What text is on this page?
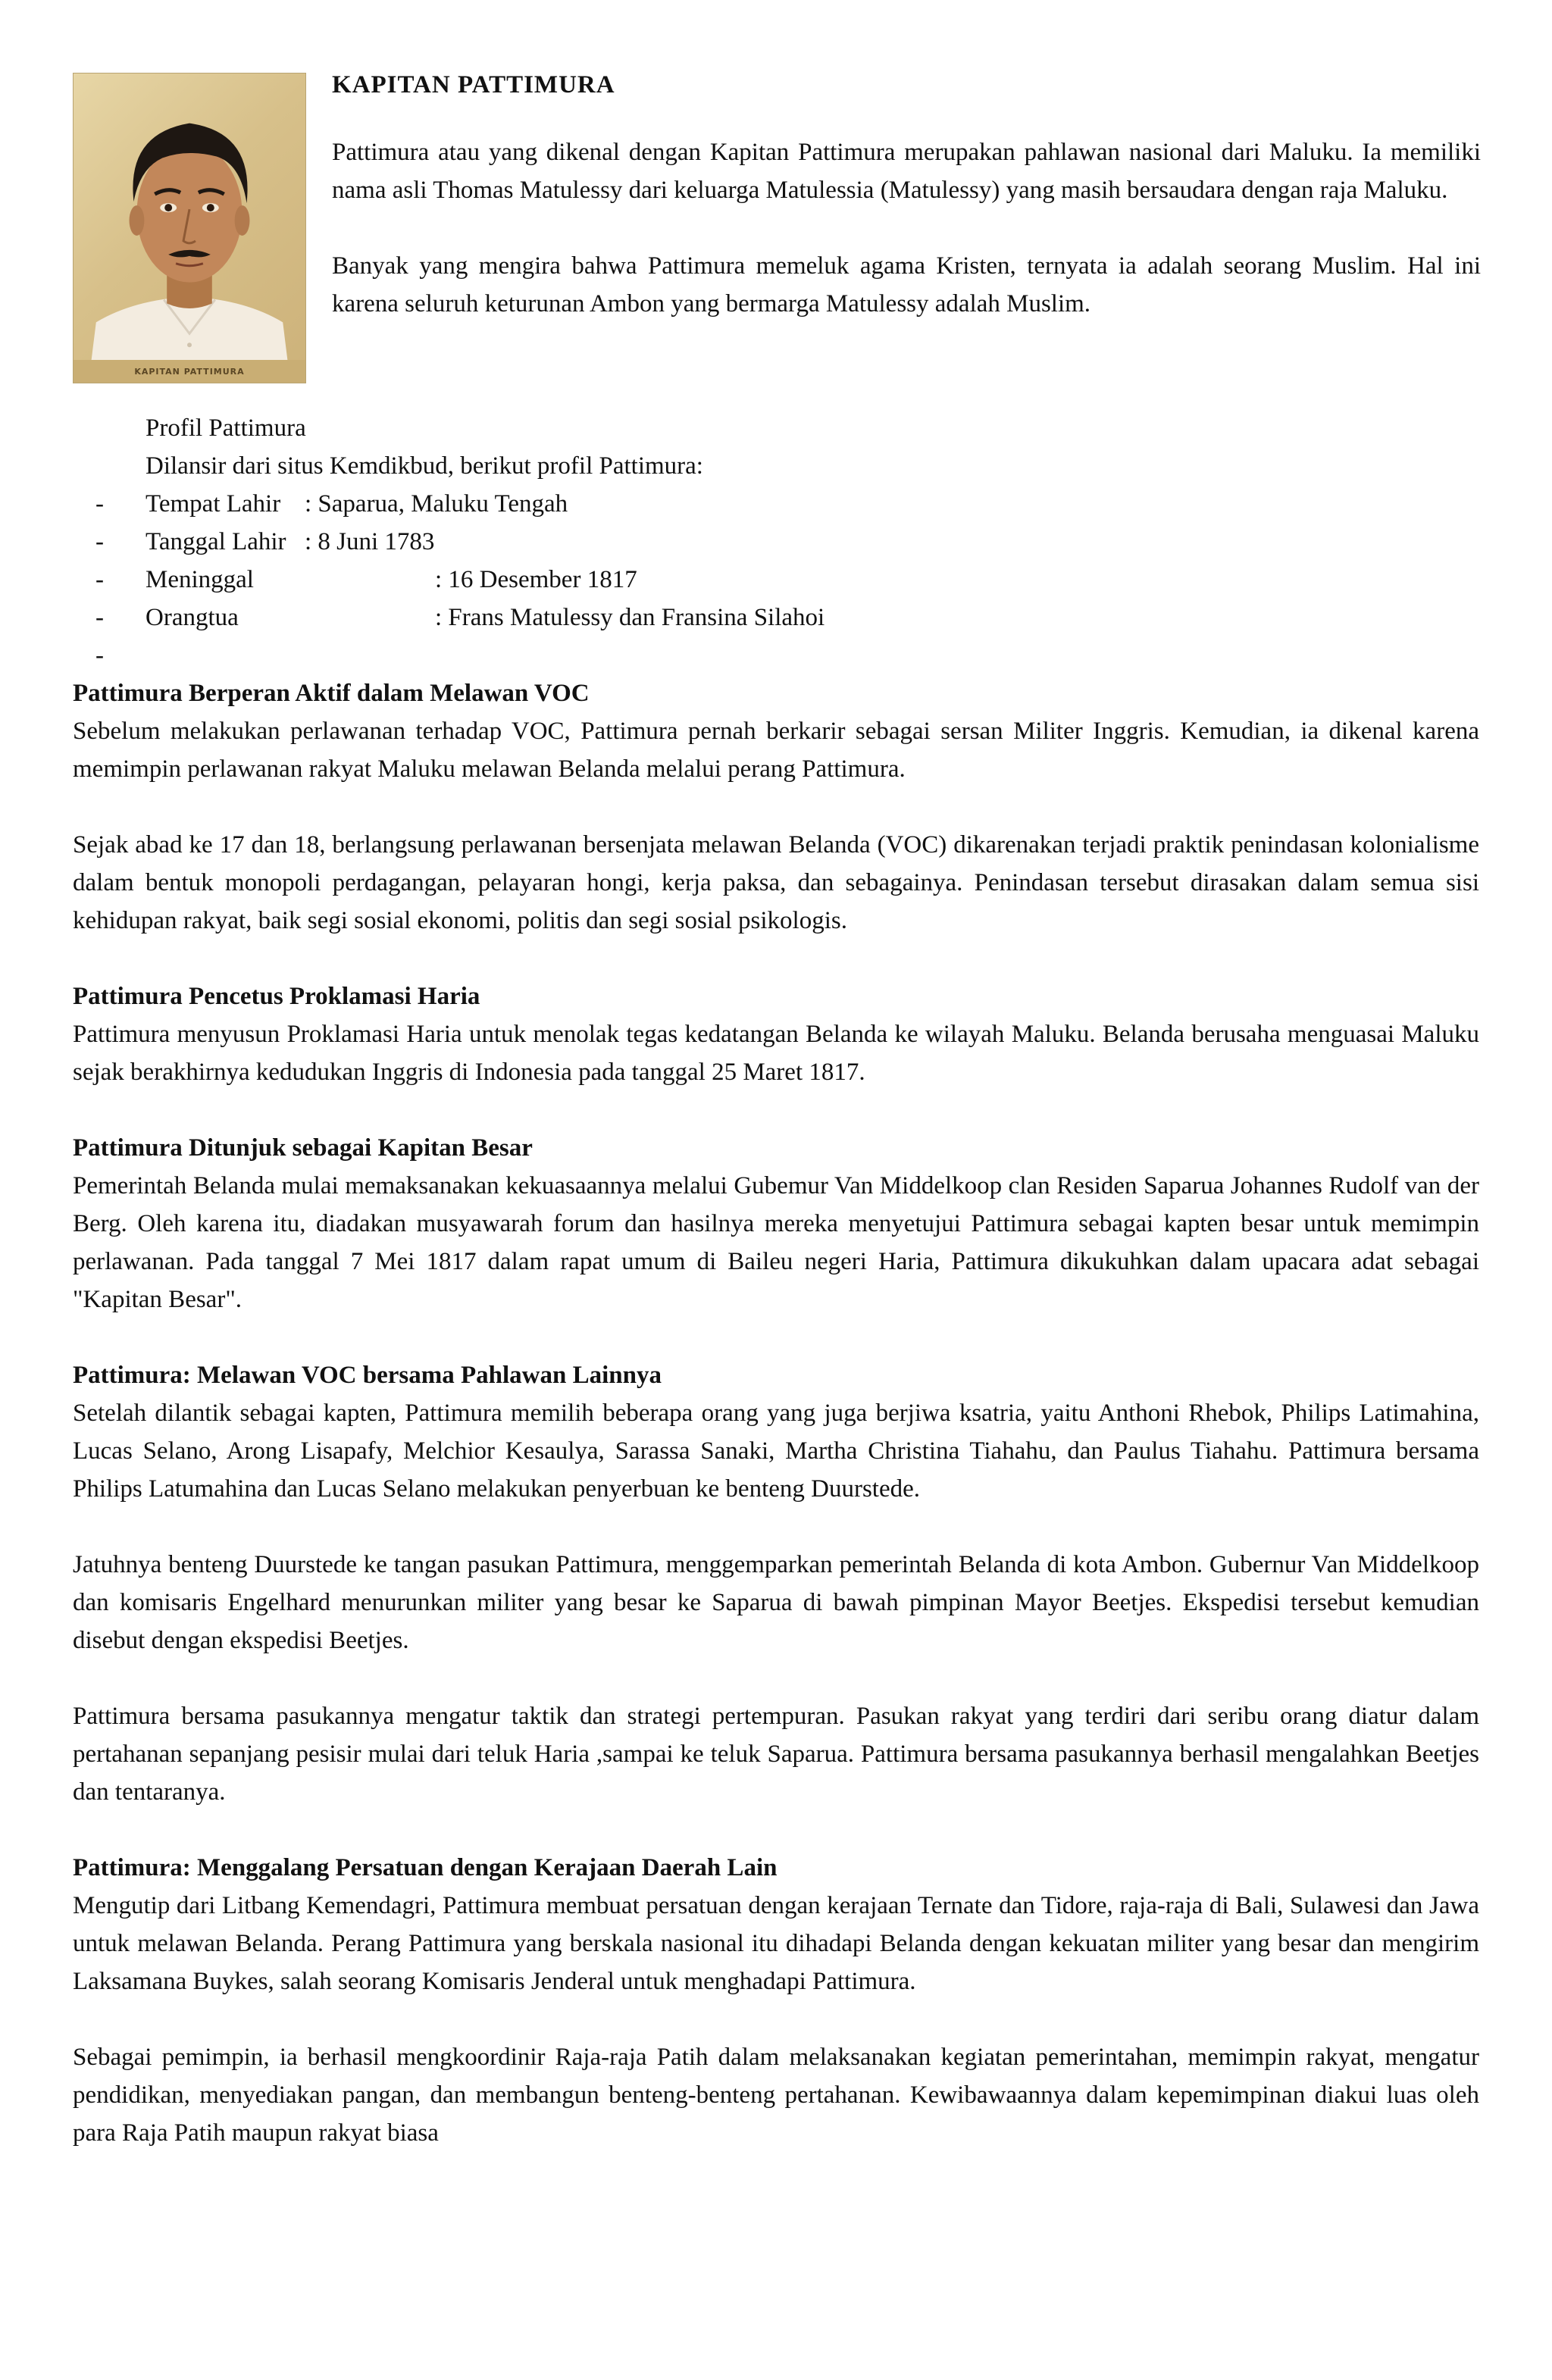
KAPITAN PATTIMURA
KAPITAN PATTIMURA

Pattimura atau yang dikenal dengan Kapitan Pattimura merupakan pahlawan nasional dari Maluku. Ia memiliki nama asli Thomas Matulessy dari keluarga Matulessia (Matulessy) yang masih bersaudara dengan raja Maluku.

Banyak yang mengira bahwa Pattimura memeluk agama Kristen, ternyata ia adalah seorang Muslim. Hal ini karena seluruh keturunan Ambon yang bermarga Matulessy adalah Muslim.

Profil Pattimura
Dilansir dari situs Kemdikbud, berikut profil Pattimura:
- Tempat Lahir : Saparua, Maluku Tengah
- Tanggal Lahir : 8 Juni 1783
- Meninggal	: 16 Desember 1817
- Orangtua	: Frans Matulessy dan Fransina Silahoi
-
Pattimura Berperan Aktif dalam Melawan VOC

Sebelum melakukan perlawanan terhadap VOC, Pattimura pernah berkarir sebagai sersan Militer Inggris. Kemudian, ia dikenal karena memimpin perlawanan rakyat Maluku melawan Belanda melalui perang Pattimura.

Sejak abad ke 17 dan 18, berlangsung perlawanan bersenjata melawan Belanda (VOC) dikarenakan terjadi praktik penindasan kolonialisme dalam bentuk monopoli perdagangan, pelayaran hongi, kerja paksa, dan sebagainya. Penindasan tersebut dirasakan dalam semua sisi kehidupan rakyat, baik segi sosial ekonomi, politis dan segi sosial psikologis.

Pattimura Pencetus Proklamasi Haria

Pattimura menyusun Proklamasi Haria untuk menolak tegas kedatangan Belanda ke wilayah Maluku. Belanda berusaha menguasai Maluku sejak berakhirnya kedudukan Inggris di Indonesia pada tanggal 25 Maret 1817.

Pattimura Ditunjuk sebagai Kapitan Besar

Pemerintah Belanda mulai memaksanakan kekuasaannya melalui Gubemur Van Middelkoop clan Residen Saparua Johannes Rudolf van der Berg. Oleh karena itu, diadakan musyawarah forum dan hasilnya mereka menyetujui Pattimura sebagai kapten besar untuk memimpin perlawanan. Pada tanggal 7 Mei 1817 dalam rapat umum di Baileu negeri Haria, Pattimura dikukuhkan dalam upacara adat sebagai "Kapitan Besar".

Pattimura: Melawan VOC bersama Pahlawan Lainnya

Setelah dilantik sebagai kapten, Pattimura memilih beberapa orang yang juga berjiwa ksatria, yaitu Anthoni Rhebok, Philips Latimahina, Lucas Selano, Arong Lisapafy, Melchior Kesaulya, Sarassa Sanaki, Martha Christina Tiahahu, dan Paulus Tiahahu. Pattimura bersama Philips Latumahina dan Lucas Selano melakukan penyerbuan ke benteng Duurstede.

Jatuhnya benteng Duurstede ke tangan pasukan Pattimura, menggemparkan pemerintah Belanda di kota Ambon. Gubernur Van Middelkoop dan komisaris Engelhard menurunkan militer yang besar ke Saparua di bawah pimpinan Mayor Beetjes. Ekspedisi tersebut kemudian disebut dengan ekspedisi Beetjes.

Pattimura bersama pasukannya mengatur taktik dan strategi pertempuran. Pasukan rakyat yang terdiri dari seribu orang diatur dalam pertahanan sepanjang pesisir mulai dari teluk Haria ,sampai ke teluk Saparua. Pattimura bersama pasukannya berhasil mengalahkan Beetjes dan tentaranya.

Pattimura: Menggalang Persatuan dengan Kerajaan Daerah Lain

Mengutip dari Litbang Kemendagri, Pattimura membuat persatuan dengan kerajaan Ternate dan Tidore, raja-raja di Bali, Sulawesi dan Jawa untuk melawan Belanda. Perang Pattimura yang berskala nasional itu dihadapi Belanda dengan kekuatan militer yang besar dan mengirim Laksamana Buykes, salah seorang Komisaris Jenderal untuk menghadapi Pattimura.

Sebagai pemimpin, ia berhasil mengkoordinir Raja-raja Patih dalam melaksanakan kegiatan pemerintahan, memimpin rakyat, mengatur pendidikan, menyediakan pangan, dan membangun benteng-benteng pertahanan. Kewibawaannya dalam kepemimpinan diakui luas oleh para Raja Patih maupun rakyat biasa
